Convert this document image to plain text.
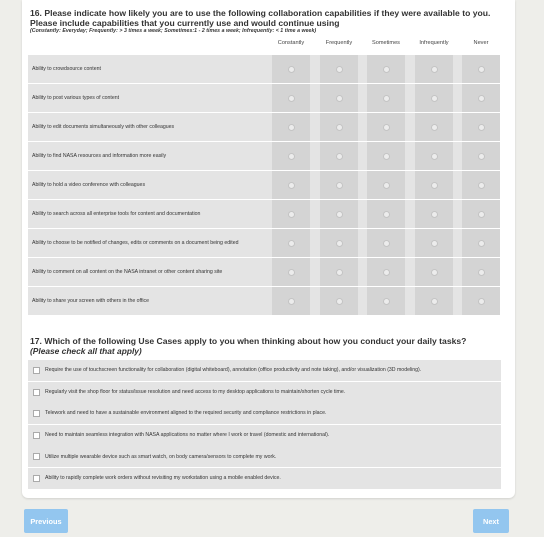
16. Please indicate how likely you are to use the following collaboration capabilities if they were available to you. Please include capabilities that you currently use and would continue using
(Constantly: Everyday; Frequently: > 3 times a week; Sometimes:1 - 2 times a week; Infrequently: < 1 time a week)
Constantly	Frequently	Sometimes	Infrequently	Never
Ability to crowdsource content
Ability to post various types of content
Ability to edit documents simultaneously with other colleagues
Ability to find NASA resources and information more easily
Ability to hold a video conference with colleagues
Ability to search across all enterprise tools for content and documentation
Ability to choose to be notified of changes, edits or comments on a document being edited
Ability to comment on all content on the NASA intranet or other content sharing site
Ability to share your screen with others in the office
17. Which of the following Use Cases apply to you when thinking about how you conduct your daily tasks?
(Please check all that apply)
Require the use of touchscreen functionality for collaboration (digital whiteboard), annotation (office productivity and note taking), and/or visualization (3D modeling).
Regularly visit the shop floor for status/issue resolution and need access to my desktop applications to maintain/shorten cycle time.
Telework and need to have a sustainable environment aligned to the required security and compliance restrictions in place.
Need to maintain seamless integration with NASA applications no matter where I work or travel (domestic and international).
Utilize multiple wearable device such as smart watch, on body camera/sensors to complete my work.
Ability to rapidly complete work orders without revisiting my workstation using a mobile enabled device.
Previous	Next
